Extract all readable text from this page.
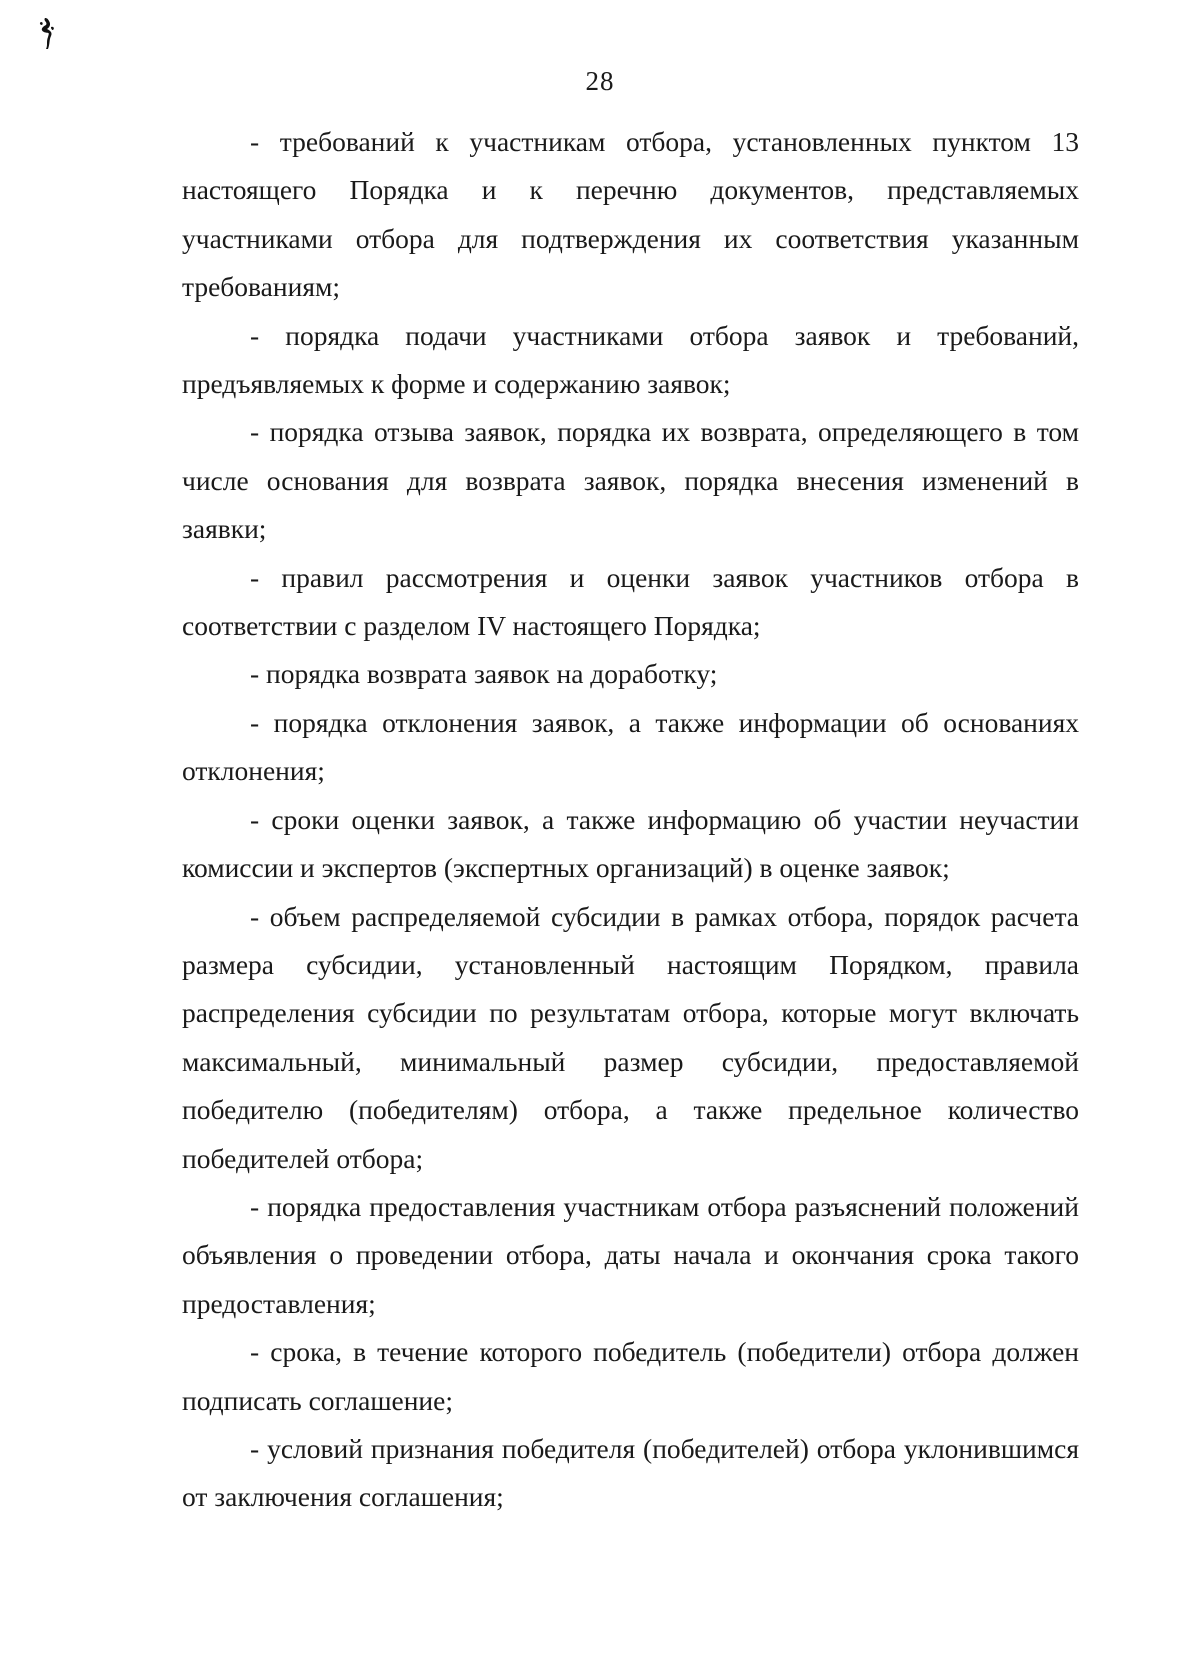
28

- требований к участникам отбора, установленных пунктом 13 настоящего Порядка и к перечню документов, представляемых участниками отбора для подтверждения их соответствия указанным требованиям;

- порядка подачи участниками отбора заявок и требований, предъявляемых к форме и содержанию заявок;

- порядка отзыва заявок, порядка их возврата, определяющего в том числе основания для возврата заявок, порядка внесения изменений в заявки;

- правил рассмотрения и оценки заявок участников отбора в соответствии с разделом IV настоящего Порядка;

- порядка возврата заявок на доработку;

- порядка отклонения заявок, а также информации об основаниях отклонения;

- сроки оценки заявок, а также информацию об участии неучастии комиссии и экспертов (экспертных организаций) в оценке заявок;

- объем распределяемой субсидии в рамках отбора, порядок расчета размера субсидии, установленный настоящим Порядком, правила распределения субсидии по результатам отбора, которые могут включать максимальный, минимальный размер субсидии, предоставляемой победителю (победителям) отбора, а также предельное количество победителей отбора;

- порядка предоставления участникам отбора разъяснений положений объявления о проведении отбора, даты начала и окончания срока такого предоставления;

- срока, в течение которого победитель (победители) отбора должен подписать соглашение;

- условий признания победителя (победителей) отбора уклонившимся от заключения соглашения;
